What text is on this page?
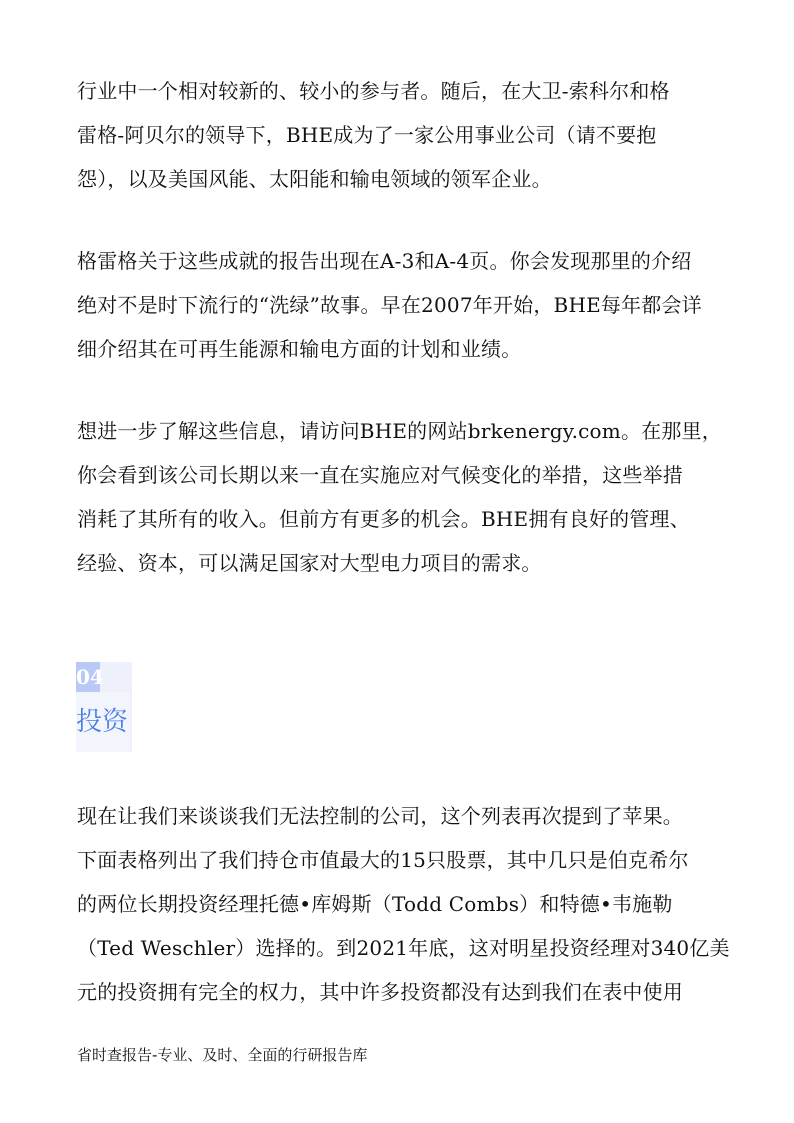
行业中一个相对较新的、较小的参与者。随后，在大卫-索科尔和格
雷格-阿贝尔的领导下，BHE成为了一家公用事业公司（请不要抱
怨），以及美国风能、太阳能和输电领域的领军企业。
格雷格关于这些成就的报告出现在A-3和A-4页。你会发现那里的介绍
绝对不是时下流行的“洗绿”故事。早在2007年开始，BHE每年都会详
细介绍其在可再生能源和输电方面的计划和业绩。
想进一步了解这些信息，请访问BHE的网站brkenergy.com。在那里，
你会看到该公司长期以来一直在实施应对气候变化的举措，这些举措
消耗了其所有的收入。但前方有更多的机会。BHE拥有良好的管理、
经验、资本，可以满足国家对大型电力项目的需求。
04
投资
现在让我们来谈谈我们无法控制的公司，这个列表再次提到了苹果。
下面表格列出了我们持仓市值最大的15只股票，其中几只是伯克希尔
的两位长期投资经理托德•库姆斯（Todd Combs）和特德•韦施勒
（Ted Weschler）选择的。到2021年底，这对明星投资经理对340亿美
元的投资拥有完全的权力，其中许多投资都没有达到我们在表中使用
省时查报告-专业、及时、全面的行研报告库
